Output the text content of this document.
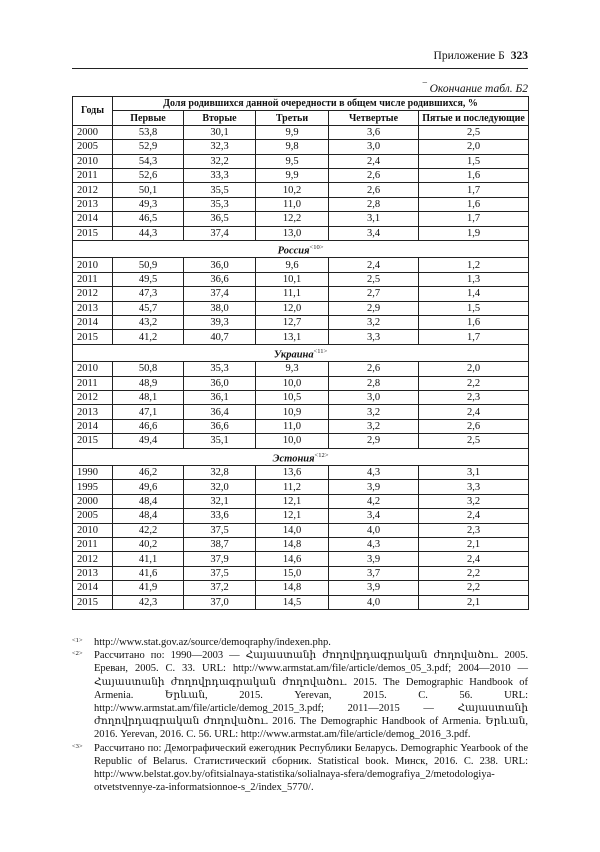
Приложение Б 323
‾ Окончание табл. Б2
Годы	Доля родившихся данной очередности в общем числе родившихся, %				
	Первые	Вторые	Третьи	Четвертые	Пятые и последующие
2000	53,8	30,1	9,9	3,6	2,5
2005	52,9	32,3	9,8	3,0	2,0
2010	54,3	32,2	9,5	2,4	1,5
2011	52,6	33,3	9,9	2,6	1,6
2012	50,1	35,5	10,2	2,6	1,7
2013	49,3	35,3	11,0	2,8	1,6
2014	46,5	36,5	12,2	3,1	1,7
2015	44,3	37,4	13,0	3,4	1,9
Россия$^{<10>}$
2010	50,9	36,0	9,6	2,4	1,2
2011	49,5	36,6	10,1	2,5	1,3
2012	47,3	37,4	11,1	2,7	1,4
2013	45,7	38,0	12,0	2,9	1,5
2014	43,2	39,3	12,7	3,2	1,6
2015	41,2	40,7	13,1	3,3	1,7
Украина$^{<11>}$
2010	50,8	35,3	9,3	2,6	2,0
2011	48,9	36,0	10,0	2,8	2,2
2012	48,1	36,1	10,5	3,0	2,3
2013	47,1	36,4	10,9	3,2	2,4
2014	46,6	36,6	11,0	3,2	2,6
2015	49,4	35,1	10,0	2,9	2,5
Эстония$^{<12>}$
1990	46,2	32,8	13,6	4,3	3,1
1995	49,6	32,0	11,2	3,9	3,3
2000	48,4	32,1	12,1	4,2	3,2
2005	48,4	33,6	12,1	3,4	2,4
2010	42,2	37,5	14,0	4,0	2,3
2011	40,2	38,7	14,8	4,3	2,1
2012	41,1	37,9	14,6	3,9	2,4
2013	41,6	37,5	15,0	3,7	2,2
2014	41,9	37,2	14,8	3,9	2,2
2015	42,3	37,0	14,5	4,0	2,1
<1> http://www.stat.gov.az/source/demoqraphy/indexen.php.
<2> Рассчитано по: 1990—2003 — Հայաստանի ժողովրդագրական ժողովածու. 2005. Ереван, 2005. С. 33. URL: http://www.armstat.am/file/article/demos_05_3.pdf; 2004—2010 — Հայաստանի ժողովրդագրական ժողովածու. 2015. The Demographic Handbook of Armenia. Երևան, 2015. Yerevan, 2015. С. 56. URL: http://www.armstat.am/file/article/demog_2015_3.pdf; 2011—2015 — Հայաստանի ժողովրդագրական ժողովածու. 2016. The Demographic Handbook of Armenia. Երևան, 2016. Yerevan, 2016. С. 56. URL: http://www.armstat.am/file/article/demog_2016_3.pdf.
<3> Рассчитано по: Демографический ежегодник Республики Беларусь. Demographic Yearbook of the Republic of Belarus. Статистический сборник. Statistical book. Минск, 2016. С. 238. URL: http://www.belstat.gov.by/ofitsialnaya-statistika/solialnaya-sfera/demografiya_2/metodologiya-otvetstvennye-za-informatsionnoe-s_2/index_5770/.
